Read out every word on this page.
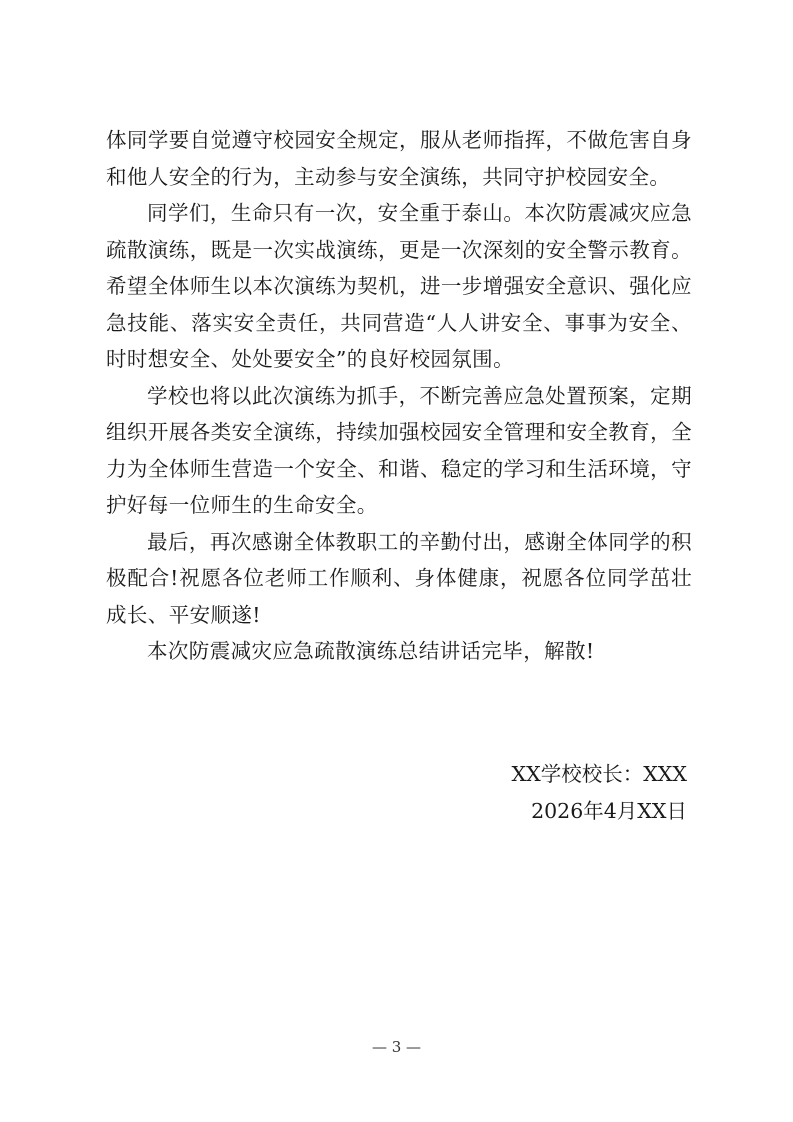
体同学要自觉遵守校园安全规定，服从老师指挥，不做危害自身和他人安全的行为，主动参与安全演练，共同守护校园安全。

同学们，生命只有一次，安全重于泰山。本次防震减灾应急疏散演练，既是一次实战演练，更是一次深刻的安全警示教育。希望全体师生以本次演练为契机，进一步增强安全意识、强化应急技能、落实安全责任，共同营造“人人讲安全、事事为安全、时时想安全、处处要安全”的良好校园氛围。

学校也将以此次演练为抓手，不断完善应急处置预案，定期组织开展各类安全演练，持续加强校园安全管理和安全教育，全力为全体师生营造一个安全、和谐、稳定的学习和生活环境，守护好每一位师生的生命安全。

最后，再次感谢全体教职工的辛勤付出，感谢全体同学的积极配合!祝愿各位老师工作顺利、身体健康，祝愿各位同学茁壮成长、平安顺遂!

本次防震减灾应急疏散演练总结讲话完毕，解散!

XX学校校长：XXX

2026年4月XX日

— 3 —
